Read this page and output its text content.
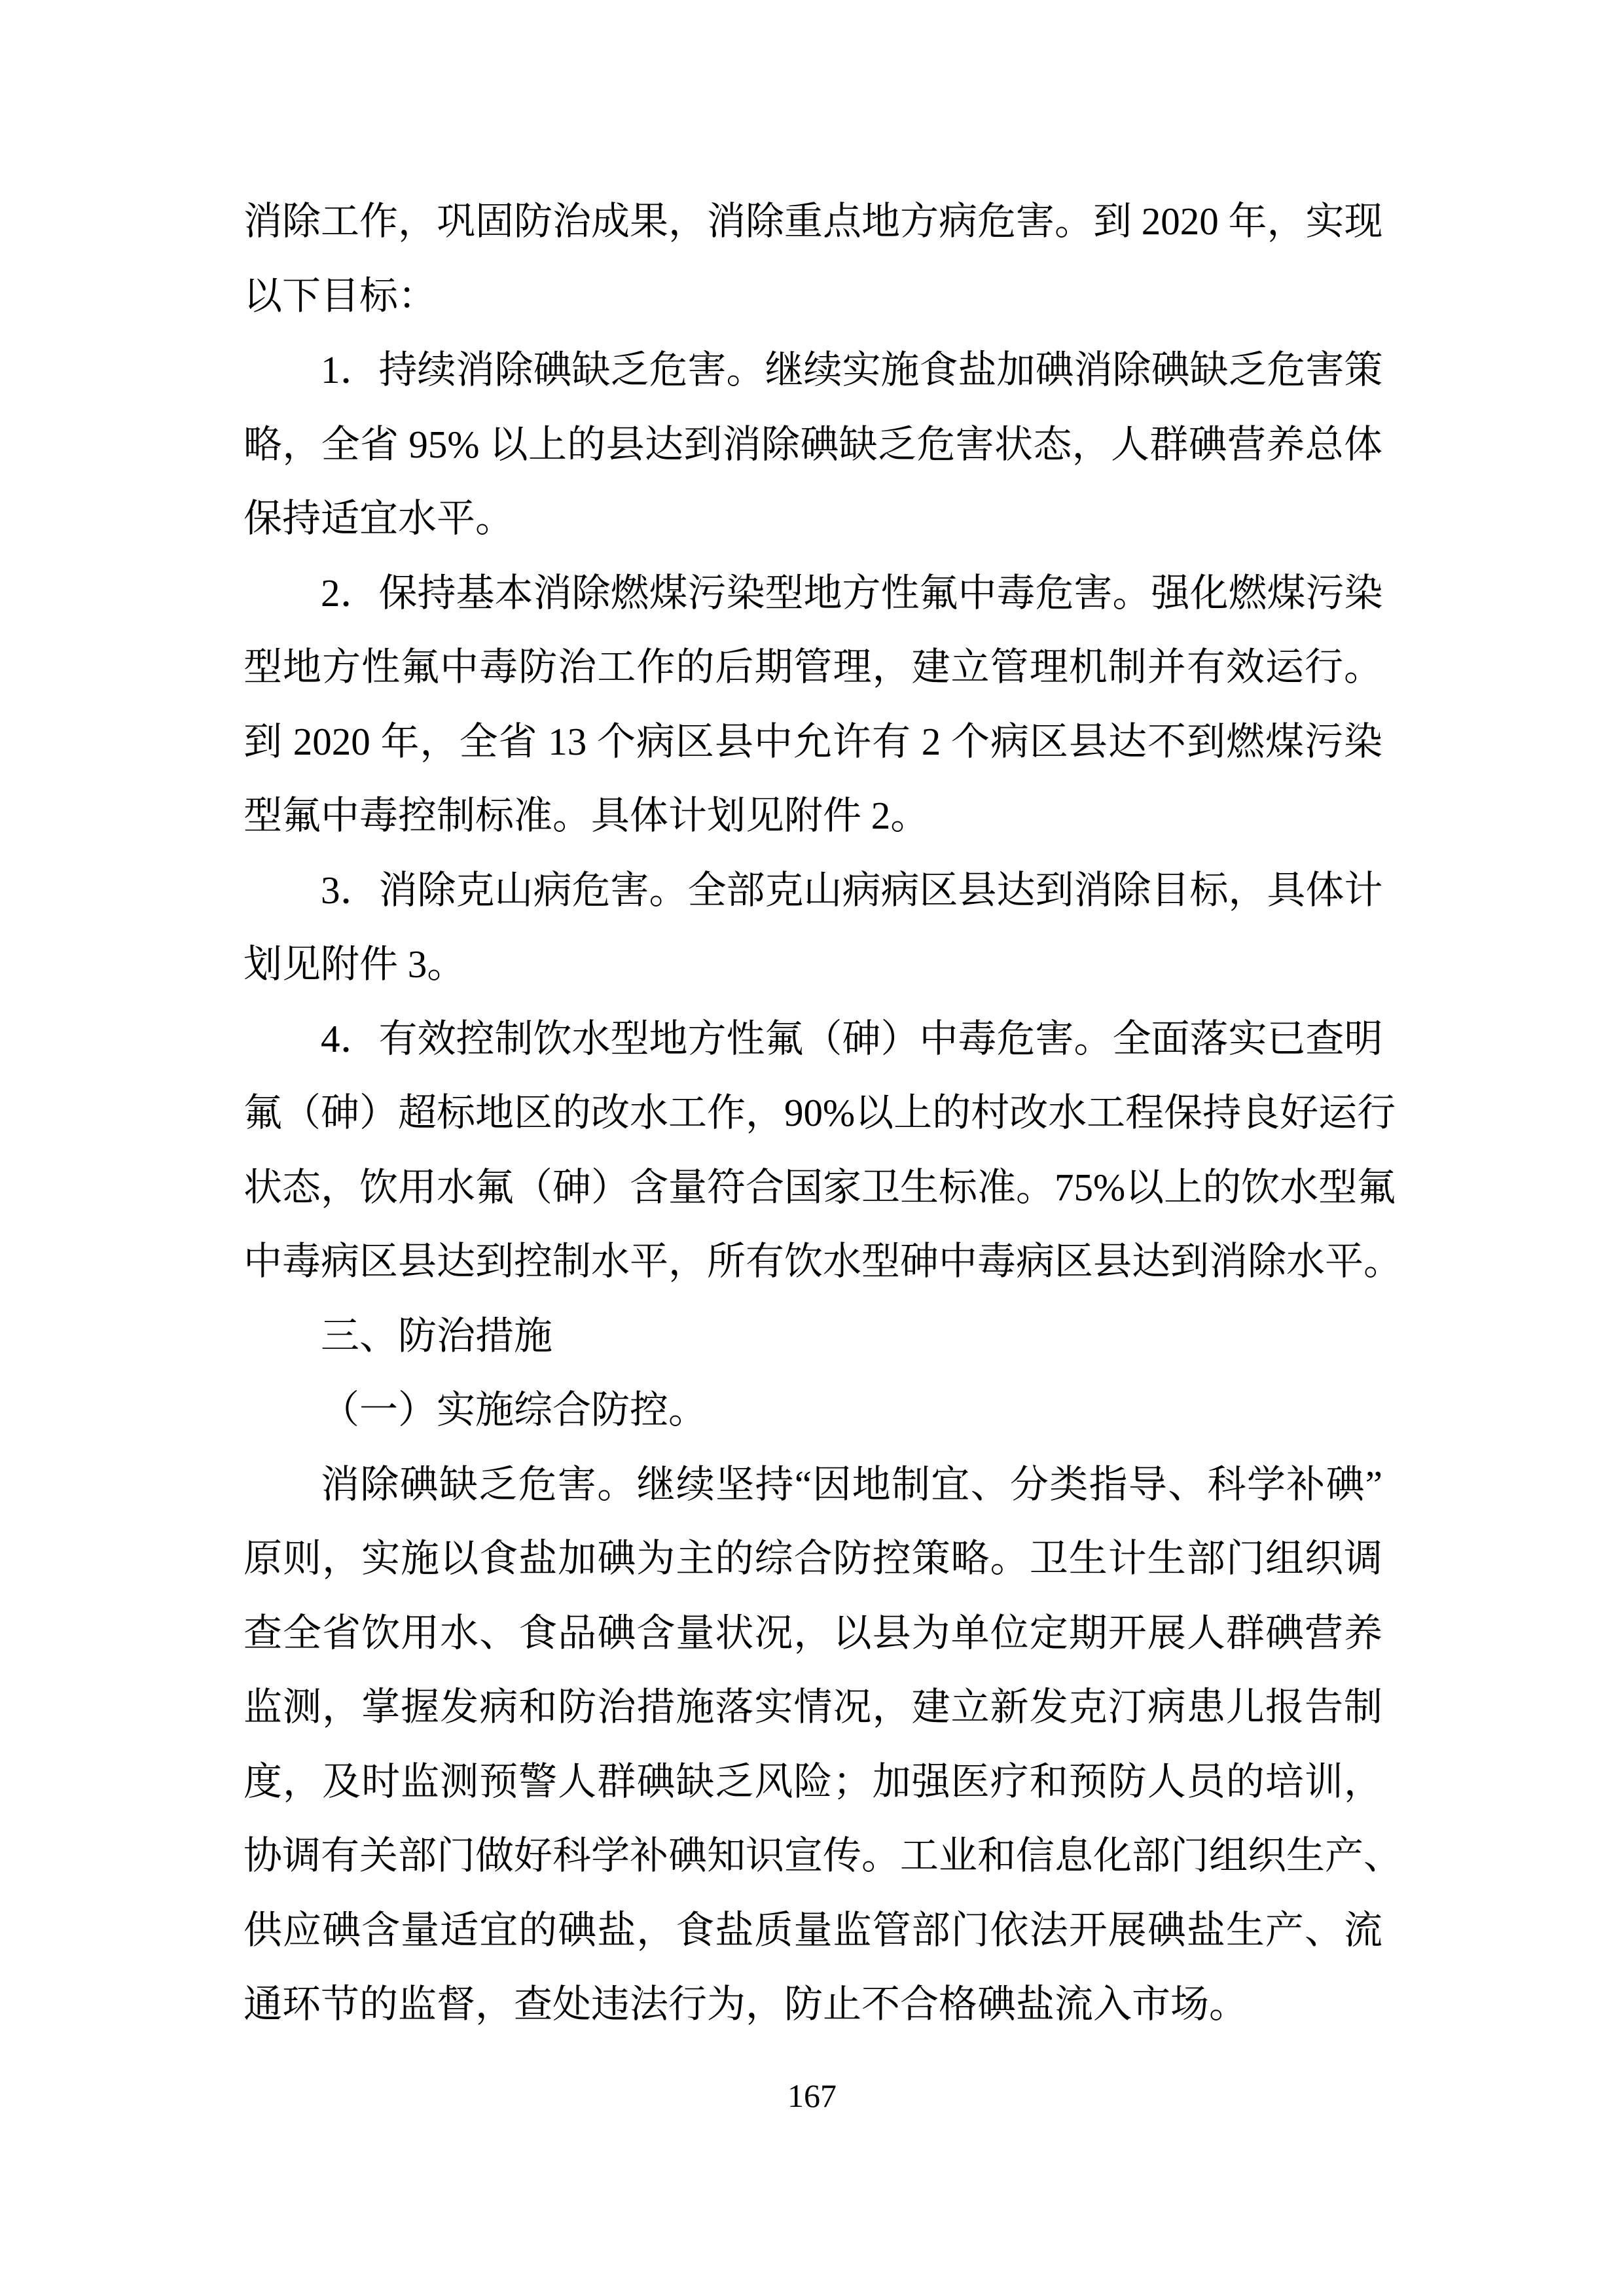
消除工作，巩固防治成果，消除重点地方病危害。到 2020 年，实现
以下目标：
1．持续消除碘缺乏危害。继续实施食盐加碘消除碘缺乏危害策
略，全省 95% 以上的县达到消除碘缺乏危害状态，人群碘营养总体
保持适宜水平。
2．保持基本消除燃煤污染型地方性氟中毒危害。强化燃煤污染
型地方性氟中毒防治工作的后期管理，建立管理机制并有效运行。
到 2020 年，全省 13 个病区县中允许有 2 个病区县达不到燃煤污染
型氟中毒控制标准。具体计划见附件 2。
3．消除克山病危害。全部克山病病区县达到消除目标，具体计
划见附件 3。
4．有效控制饮水型地方性氟（砷）中毒危害。全面落实已查明
氟（砷）超标地区的改水工作，90%以上的村改水工程保持良好运行
状态，饮用水氟（砷）含量符合国家卫生标准。75%以上的饮水型氟
中毒病区县达到控制水平，所有饮水型砷中毒病区县达到消除水平。
三、防治措施
（一）实施综合防控。
消除碘缺乏危害。继续坚持“因地制宜、分类指导、科学补碘”
原则，实施以食盐加碘为主的综合防控策略。卫生计生部门组织调
查全省饮用水、食品碘含量状况，以县为单位定期开展人群碘营养
监测，掌握发病和防治措施落实情况，建立新发克汀病患儿报告制
度，及时监测预警人群碘缺乏风险；加强医疗和预防人员的培训，
协调有关部门做好科学补碘知识宣传。工业和信息化部门组织生产、
供应碘含量适宜的碘盐，食盐质量监管部门依法开展碘盐生产、流
通环节的监督，查处违法行为，防止不合格碘盐流入市场。
167
